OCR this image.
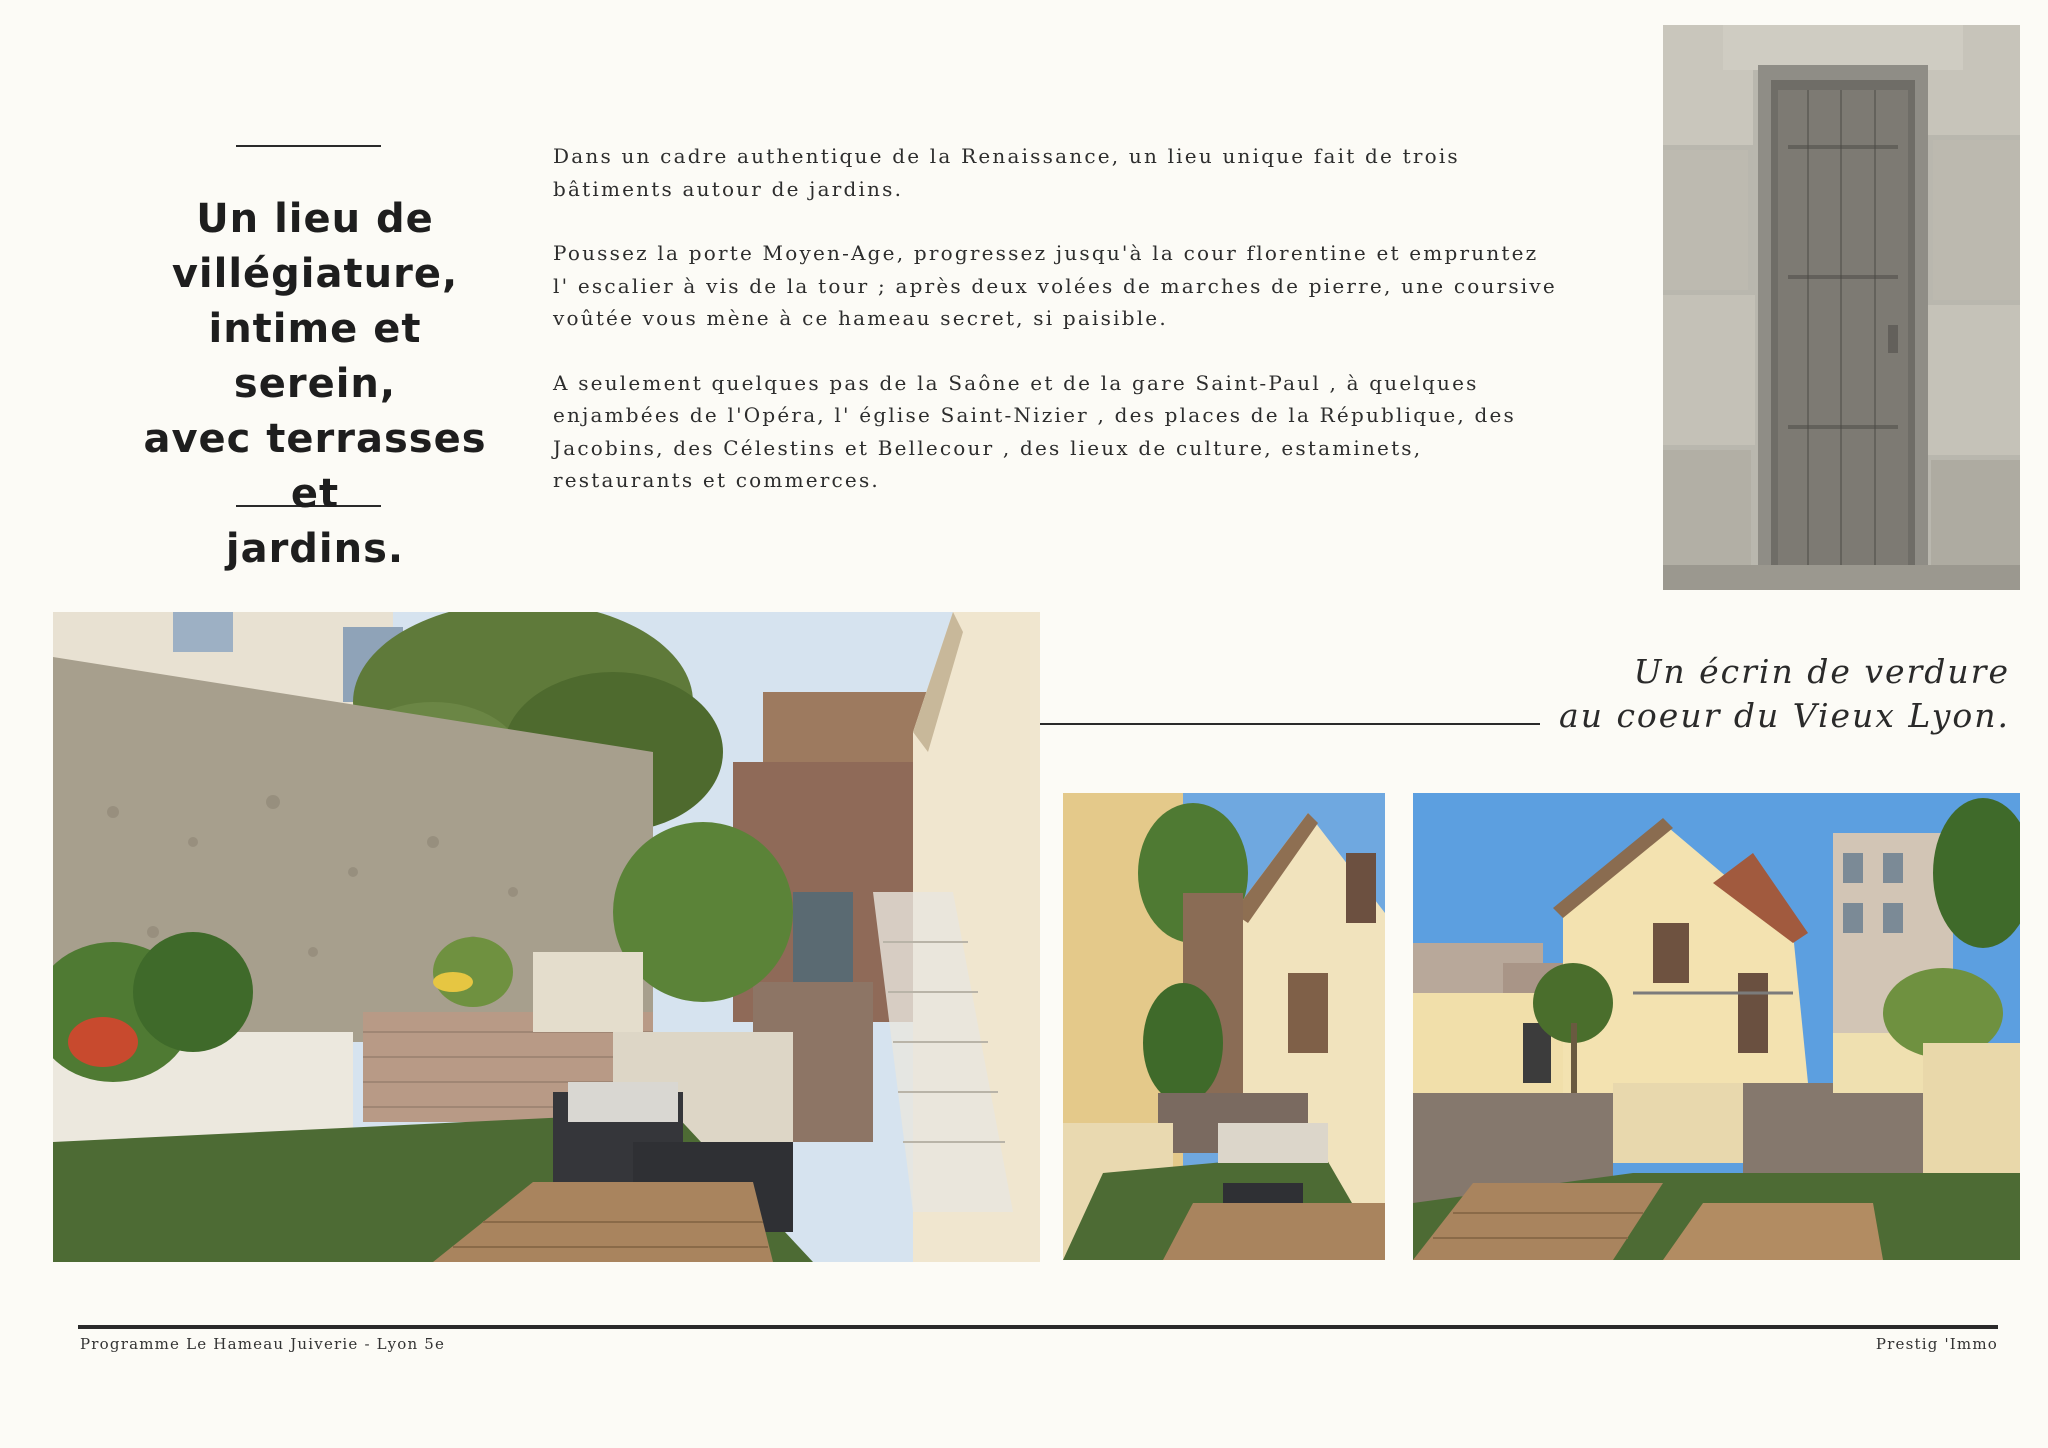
Un lieu de
villégiature,
intime et serein,
avec terrasses et
jardins.

Dans un cadre authentique de la Renaissance, un lieu unique fait de trois bâtiments autour de jardins.

Poussez la porte Moyen-Age, progressez jusqu'à la cour florentine et empruntez l' escalier à vis de la tour ; après deux volées de marches de pierre, une coursive voûtée vous mène à ce hameau secret, si paisible.

A seulement quelques pas de la Saône et de la gare Saint-Paul , à quelques enjambées de l'Opéra, l' église Saint-Nizier , des places de la République, des Jacobins, des Célestins et Bellecour , des lieux de culture, estaminets, restaurants et commerces.

Un écrin de verdure
au coeur du Vieux Lyon.
Programme Le Hameau Juiverie - Lyon 5e	Prestig 'Immo
